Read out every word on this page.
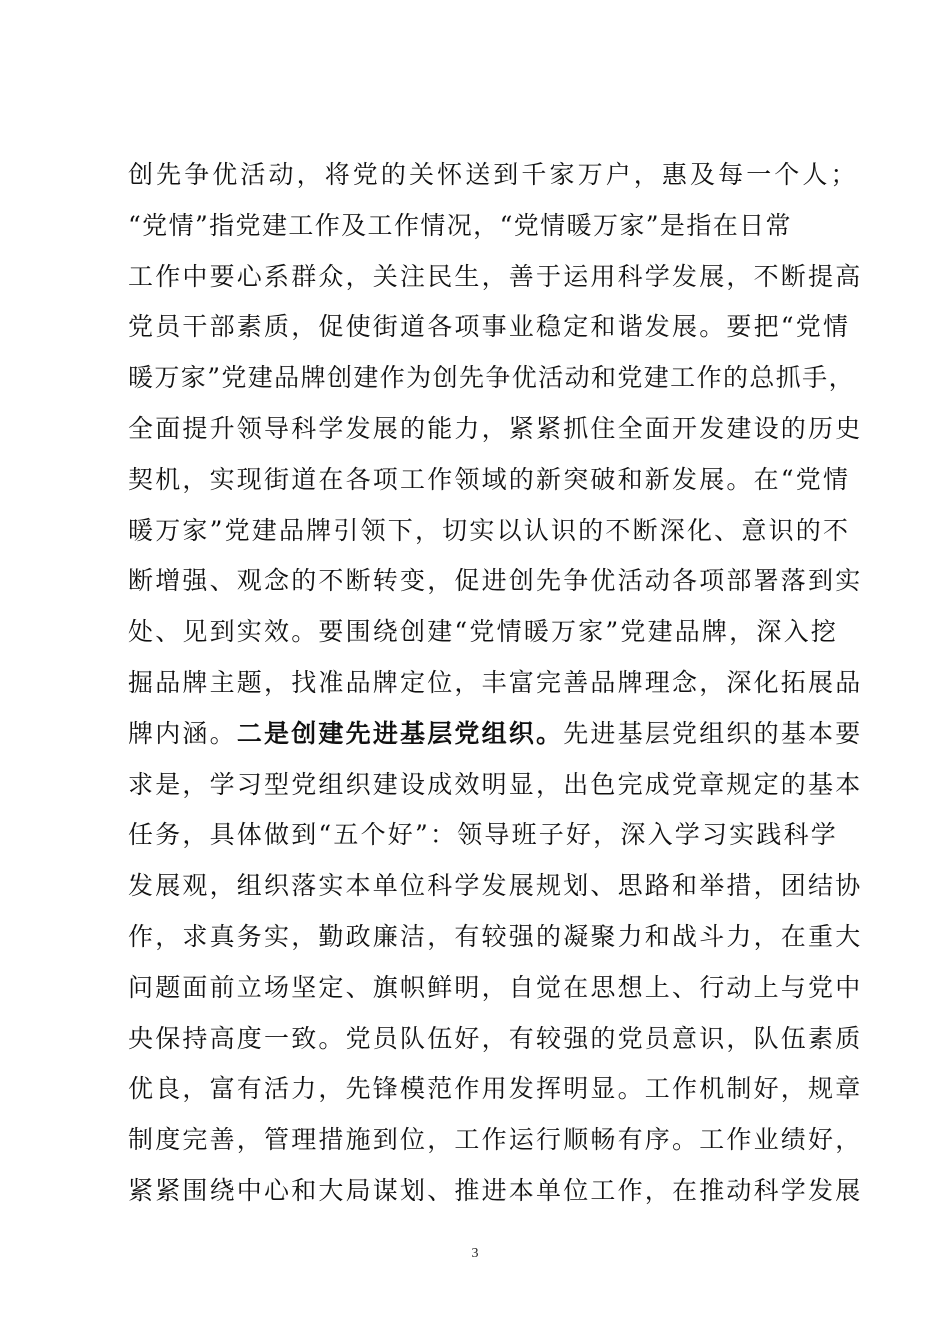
创先争优活动，将党的关怀送到千家万户，惠及每一个人；
“党情”指党建工作及工作情况，“党情暖万家”是指在日常
工作中要心系群众，关注民生，善于运用科学发展，不断提高
党员干部素质，促使街道各项事业稳定和谐发展。要把“党情
暖万家”党建品牌创建作为创先争优活动和党建工作的总抓手，
全面提升领导科学发展的能力，紧紧抓住全面开发建设的历史
契机，实现街道在各项工作领域的新突破和新发展。在“党情
暖万家”党建品牌引领下，切实以认识的不断深化、意识的不
断增强、观念的不断转变，促进创先争优活动各项部署落到实
处、见到实效。要围绕创建“党情暖万家”党建品牌，深入挖
掘品牌主题，找准品牌定位，丰富完善品牌理念，深化拓展品
牌内涵。二是创建先进基层党组织。先进基层党组织的基本要
求是，学习型党组织建设成效明显，出色完成党章规定的基本
任务，具体做到“五个好”：领导班子好，深入学习实践科学
发展观，组织落实本单位科学发展规划、思路和举措，团结协
作，求真务实，勤政廉洁，有较强的凝聚力和战斗力，在重大
问题面前立场坚定、旗帜鲜明，自觉在思想上、行动上与党中
央保持高度一致。党员队伍好，有较强的党员意识，队伍素质
优良，富有活力，先锋模范作用发挥明显。工作机制好，规章
制度完善，管理措施到位，工作运行顺畅有序。工作业绩好，
紧紧围绕中心和大局谋划、推进本单位工作，在推动科学发展
3
